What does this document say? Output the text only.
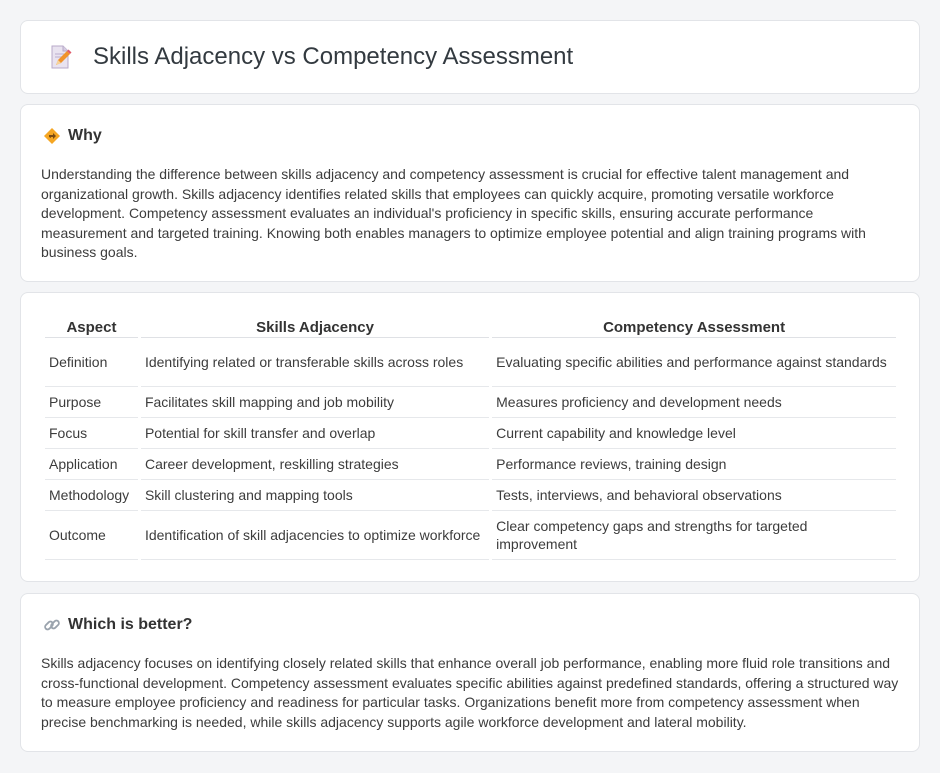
Skills Adjacency vs Competency Assessment
Why

Understanding the difference between skills adjacency and competency assessment is crucial for effective talent management and organizational growth. Skills adjacency identifies related skills that employees can quickly acquire, promoting versatile workforce development. Competency assessment evaluates an individual's proficiency in specific skills, ensuring accurate performance measurement and targeted training. Knowing both enables managers to optimize employee potential and align training programs with business goals.

Aspect	Skills Adjacency	Competency Assessment
Definition	Identifying related or transferable skills across roles	Evaluating specific abilities and performance against standards
Purpose	Facilitates skill mapping and job mobility	Measures proficiency and development needs
Focus	Potential for skill transfer and overlap	Current capability and knowledge level
Application	Career development, reskilling strategies	Performance reviews, training design
Methodology	Skill clustering and mapping tools	Tests, interviews, and behavioral observations
Outcome	Identification of skill adjacencies to optimize workforce	Clear competency gaps and strengths for targeted improvement
Which is better?

Skills adjacency focuses on identifying closely related skills that enhance overall job performance, enabling more fluid role transitions and cross-functional development. Competency assessment evaluates specific abilities against predefined standards, offering a structured way to measure employee proficiency and readiness for particular tasks. Organizations benefit more from competency assessment when precise benchmarking is needed, while skills adjacency supports agile workforce development and lateral mobility.
